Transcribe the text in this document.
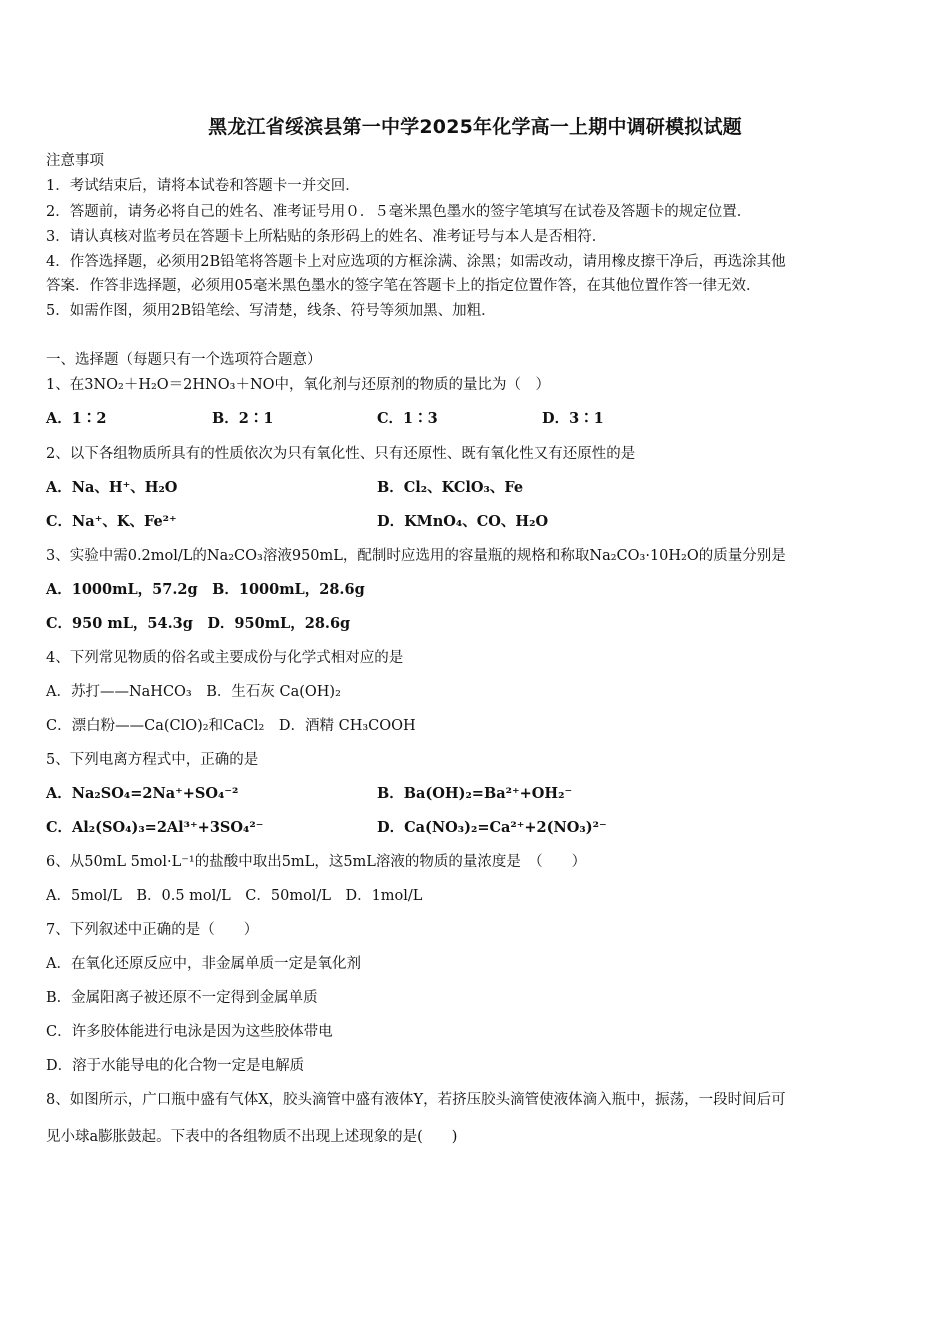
黑龙江省绥滨县第一中学2025年化学高一上期中调研模拟试题
注意事项
1．考试结束后，请将本试卷和答题卡一并交回．
2．答题前，请务必将自己的姓名、准考证号用０．５毫米黑色墨水的签字笔填写在试卷及答题卡的规定位置．
3．请认真核对监考员在答题卡上所粘贴的条形码上的姓名、准考证号与本人是否相符．
4．作答选择题，必须用2B铅笔将答题卡上对应选项的方框涂满、涂黑；如需改动，请用橡皮擦干净后，再选涂其他
答案．作答非选择题，必须用05毫米黑色墨水的签字笔在答题卡上的指定位置作答，在其他位置作答一律无效．
5．如需作图，须用2B铅笔绘、写清楚，线条、符号等须加黑、加粗．
一、选择题（每题只有一个选项符合题意）
1、在3NO₂＋H₂O＝2HNO₃＋NO中，氧化剂与还原剂的物质的量比为（　）
A．1∶2	B．2∶1	C．1∶3	D．3∶1
2、以下各组物质所具有的性质依次为只有氧化性、只有还原性、既有氧化性又有还原性的是
A．Na、H⁺、H₂O	B．Cl₂、KClO₃、Fe
C．Na⁺、K、Fe²⁺	D．KMnO₄、CO、H₂O
3、实验中需0.2mol/L的Na₂CO₃溶液950mL，配制时应选用的容量瓶的规格和称取Na₂CO₃·10H₂O的质量分别是
A．1000mL，57.2g　B．1000mL，28.6g
C．950 mL，54.3g　D．950mL，28.6g
4、下列常见物质的俗名或主要成份与化学式相对应的是
A．苏打——NaHCO₃　B．生石灰 Ca(OH)₂
C．漂白粉——Ca(ClO)₂和CaCl₂　D．酒精 CH₃COOH
5、下列电离方程式中，正确的是
A．Na₂SO₄=2Na⁺+SO₄⁻²	B．Ba(OH)₂=Ba²⁺+OH₂⁻
C．Al₂(SO₄)₃=2Al³⁺+3SO₄²⁻	D．Ca(NO₃)₂=Ca²⁺+2(NO₃)²⁻
6、从50mL 5mol·L⁻¹的盐酸中取出5mL，这5mL溶液的物质的量浓度是　（　　）
A．5mol/L　B．0.5 mol/L　C．50mol/L　D．1mol/L
7、下列叙述中正确的是（　　）
A．在氧化还原反应中，非金属单质一定是氧化剂
B．金属阳离子被还原不一定得到金属单质
C．许多胶体能进行电泳是因为这些胶体带电
D．溶于水能导电的化合物一定是电解质
8、如图所示，广口瓶中盛有气体X，胶头滴管中盛有液体Y，若挤压胶头滴管使液体滴入瓶中，振荡，一段时间后可
见小球a膨胀鼓起。下表中的各组物质不出现上述现象的是(　　)
